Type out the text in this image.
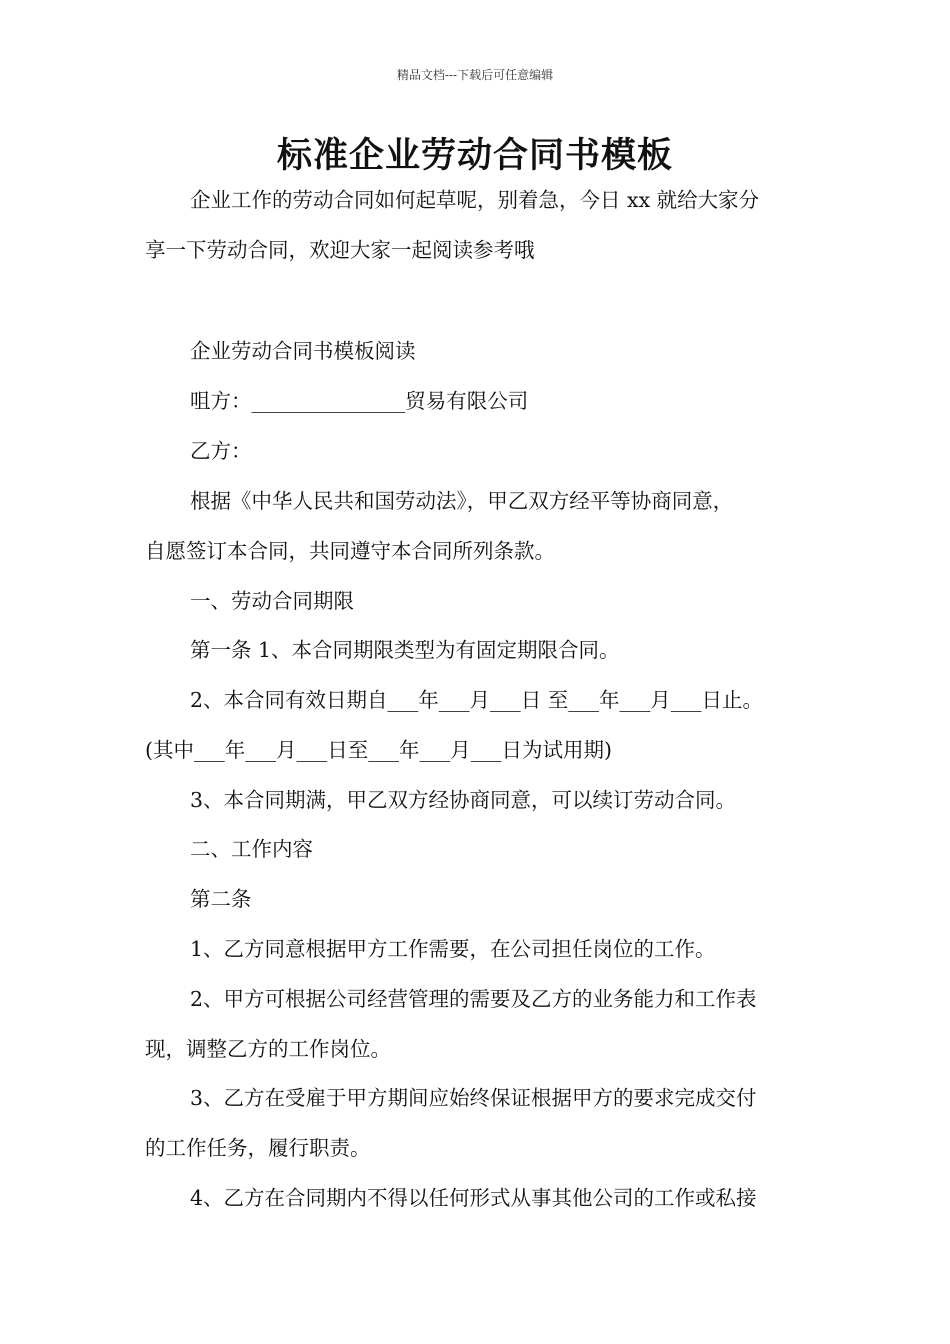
精品文档---下载后可任意编辑
标准企业劳动合同书模板
企业工作的劳动合同如何起草呢，别着急，今日 xx 就给大家分
享一下劳动合同，欢迎大家一起阅读参考哦
企业劳动合同书模板阅读
咀方：_______________贸易有限公司
乙方：
根据《中华人民共和国劳动法》，甲乙双方经平等协商同意，
自愿签订本合同，共同遵守本合同所列条款。
一、劳动合同期限
第一条 1、本合同期限类型为有固定期限合同。
2、本合同有效日期自___年___月___日 至___年___月___日止。
(其中___年___月___日至___年___月___日为试用期)
3、本合同期满，甲乙双方经协商同意，可以续订劳动合同。
二、工作内容
第二条
1、乙方同意根据甲方工作需要，在公司担任岗位的工作。
2、甲方可根据公司经营管理的需要及乙方的业务能力和工作表
现，调整乙方的工作岗位。
3、乙方在受雇于甲方期间应始终保证根据甲方的要求完成交付
的工作任务，履行职责。
4、乙方在合同期内不得以任何形式从事其他公司的工作或私接
